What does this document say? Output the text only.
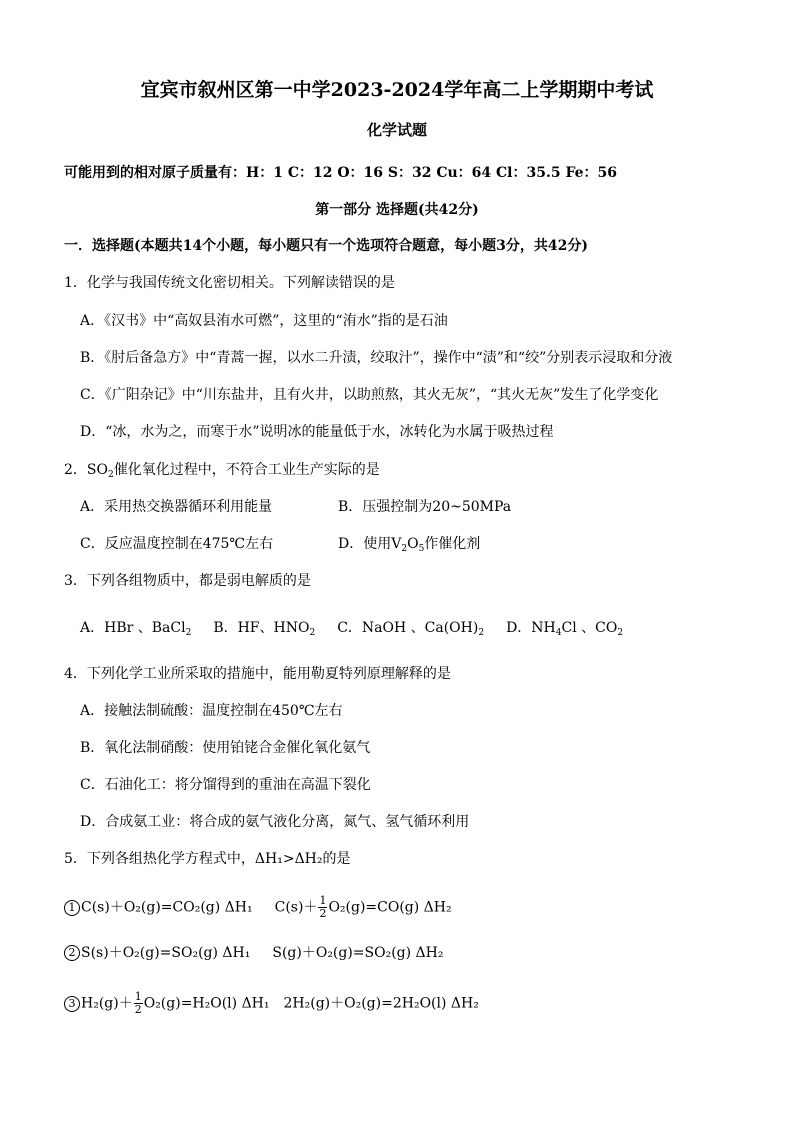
宜宾市叙州区第一中学2023-2024学年高二上学期期中考试
化学试题
可能用到的相对原子质量有：H：1 C：12 O：16 S：32 Cu：64 Cl：35.5 Fe：56
第一部分 选择题(共42分)
一．选择题(本题共14个小题，每小题只有一个选项符合题意，每小题3分，共42分)
1．化学与我国传统文化密切相关。下列解读错误的是
A．《汉书》中“高奴县洧水可燃”，这里的“洧水”指的是石油
B．《肘后备急方》中“青蒿一握，以水二升渍，绞取汁”，操作中“渍”和“绞”分别表示浸取和分液
C．《广阳杂记》中“川东盐井，且有火井，以助煎熬，其火无灰”，“其火无灰”发生了化学变化
D．“冰，水为之，而寒于水”说明冰的能量低于水，冰转化为水属于吸热过程
2．$SO_2$催化氧化过程中，不符合工业生产实际的是
A．采用热交换器循环利用能量	B．压强控制为20~50MPa
C．反应温度控制在475℃左右	D．使用$V_2O_5$作催化剂
3．下列各组物质中，都是弱电解质的是
A．HBr 、BaCl$_2$ B．HF、$HNO_2$ C．NaOH 、$Ca(OH)_2$ D．$NH_4Cl$ 、$CO_2$
4．下列化学工业所采取的措施中，能用勒夏特列原理解释的是
A．接触法制硫酸：温度控制在450℃左右
B．氧化法制硝酸：使用铂铑合金催化氧化氨气
C．石油化工：将分馏得到的重油在高温下裂化
D．合成氨工业：将合成的氨气液化分离，氮气、氢气循环利用
5．下列各组热化学方程式中，ΔH₁>ΔH₂的是
1 C(s)＋O₂(g)=CO₂(g) ΔH₁ $C(s)+ \frac{1}{2} O_2(g)=CO(g)$ ΔH₂
2 S(s)＋O₂(g)=SO₂(g) ΔH₁ S(g)＋O₂(g)=SO₂(g) ΔH₂
3 $H_2(g)+ \frac{1}{2} O_2(g)=H_2O(l)$ ΔH₁ 2H₂(g)＋O₂(g)=2H₂O(l) ΔH₂
